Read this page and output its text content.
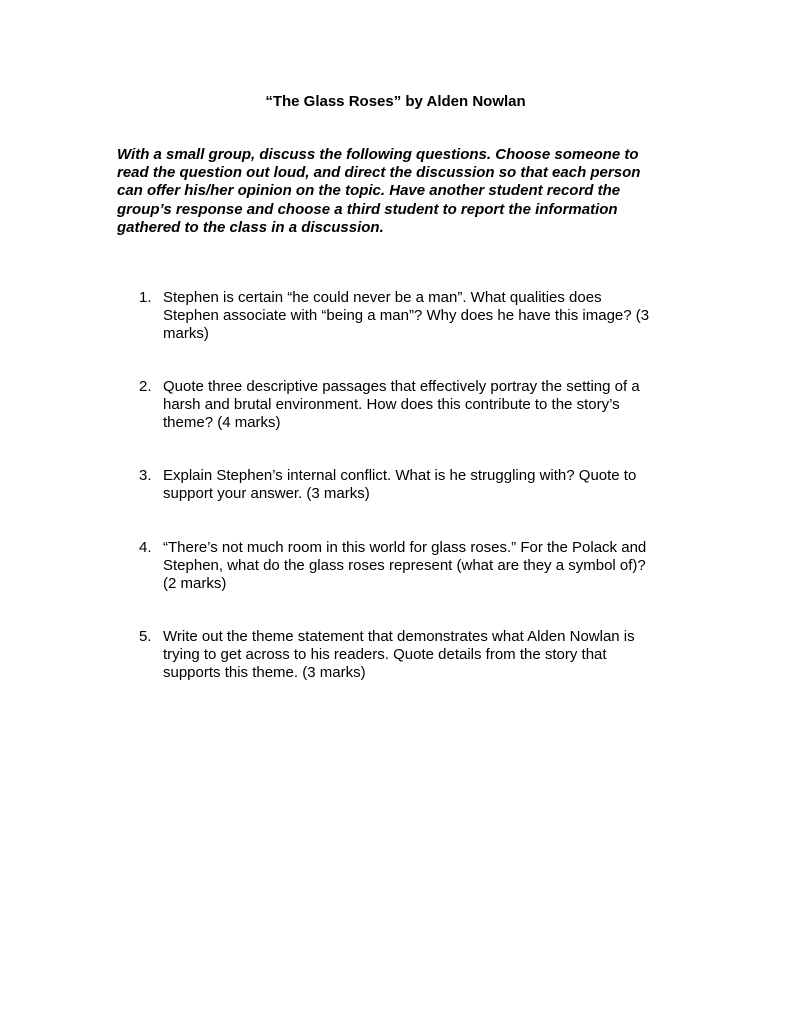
“The Glass Roses” by Alden Nowlan
With a small group, discuss the following questions. Choose someone to
read the question out loud, and direct the discussion so that each person
can offer his/her opinion on the topic. Have another student record the
group’s response and choose a third student to report the information
gathered to the class in a discussion.
1. Stephen is certain “he could never be a man”. What qualities does
Stephen associate with “being a man”? Why does he have this image? (3
marks)
2. Quote three descriptive passages that effectively portray the setting of a
harsh and brutal environment. How does this contribute to the story’s
theme? (4 marks)
3. Explain Stephen’s internal conflict. What is he struggling with? Quote to
support your answer. (3 marks)
4. “There’s not much room in this world for glass roses.” For the Polack and
Stephen, what do the glass roses represent (what are they a symbol of)?
(2 marks)
5. Write out the theme statement that demonstrates what Alden Nowlan is
trying to get across to his readers. Quote details from the story that
supports this theme. (3 marks)
